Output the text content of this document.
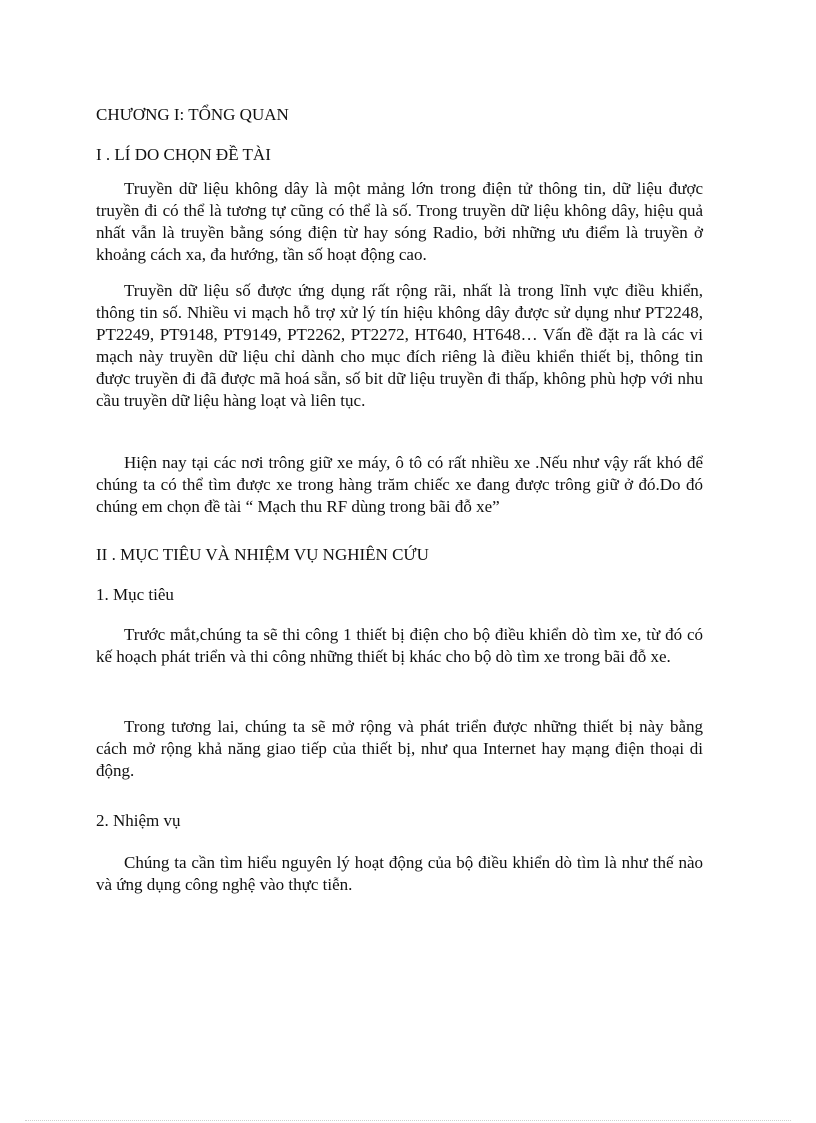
CHƯƠNG I: TỔNG QUAN

I . LÍ DO CHỌN ĐỀ TÀI

Truyền dữ liệu không dây là một mảng lớn trong điện tử thông tin, dữ liệu được truyền đi có thể là tương tự cũng có thể là số. Trong truyền dữ liệu không dây, hiệu quả nhất vẫn là truyền bằng sóng điện từ hay sóng Radio, bởi những ưu điểm là truyền ở khoảng cách xa, đa hướng, tần số hoạt động cao.

Truyền dữ liệu số được ứng dụng rất rộng rãi, nhất là trong lĩnh vực điều khiển, thông tin số. Nhiều vi mạch hỗ trợ xử lý tín hiệu không dây được sử dụng như PT2248, PT2249, PT9148, PT9149, PT2262, PT2272, HT640, HT648… Vấn đề đặt ra là các vi mạch này truyền dữ liệu chỉ dành cho mục đích riêng là điều khiển thiết bị, thông tin được truyền đi đã được mã hoá sẵn, số bit dữ liệu truyền đi thấp, không phù hợp với nhu cầu truyền dữ liệu hàng loạt và liên tục.

Hiện nay tại các nơi trông giữ xe máy, ô tô có rất nhiều xe .Nếu như vậy rất khó để chúng ta có thể tìm được xe trong hàng trăm chiếc xe đang được trông giữ ở đó.Do đó chúng em chọn đề tài “ Mạch thu RF dùng trong bãi đỗ xe”

II . MỤC TIÊU VÀ NHIỆM VỤ NGHIÊN CỨU

1. Mục tiêu

Trước mắt,chúng ta sẽ thi công 1 thiết bị điện cho bộ điều khiển dò tìm xe, từ đó có kế hoạch phát triển và thi công những thiết bị khác cho bộ dò tìm xe trong bãi đỗ xe.

Trong tương lai, chúng ta sẽ mở rộng và phát triển được những thiết bị này bằng cách mở rộng khả năng giao tiếp của thiết bị, như qua Internet hay mạng điện thoại di động.

2. Nhiệm vụ

Chúng ta cần tìm hiểu nguyên lý hoạt động của bộ điều khiển dò tìm là như thế nào và ứng dụng công nghệ vào thực tiễn.
